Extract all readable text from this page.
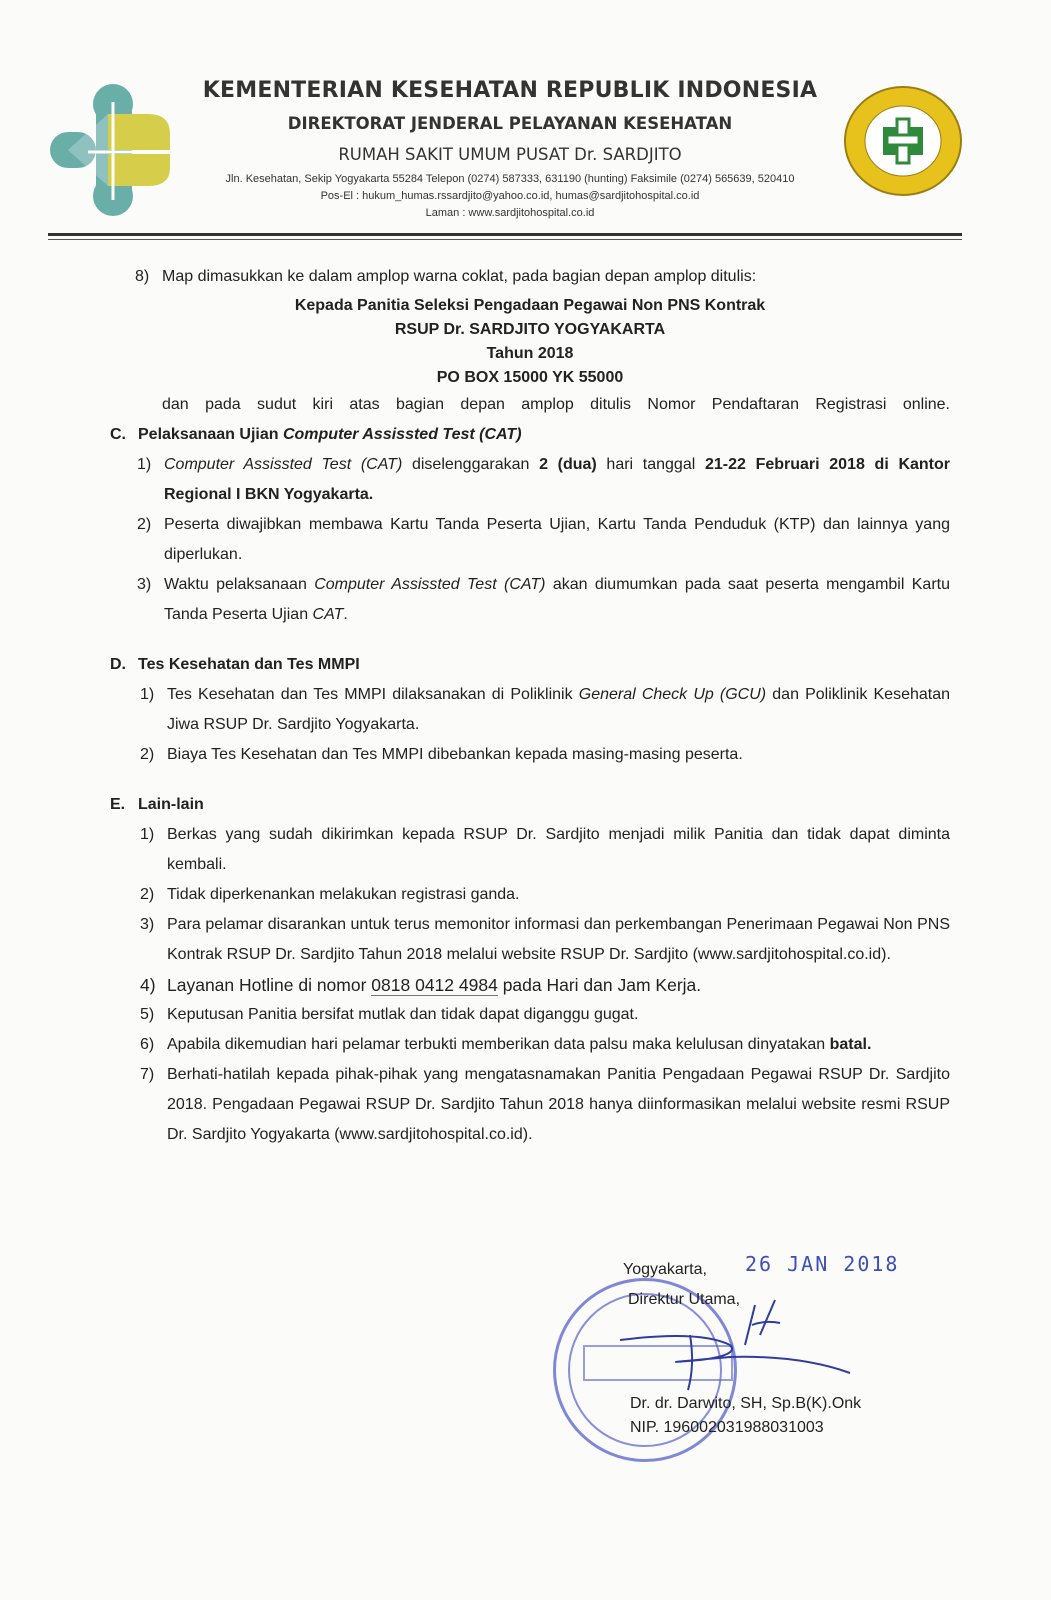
KEMENTERIAN KESEHATAN REPUBLIK INDONESIA
DIREKTORAT JENDERAL PELAYANAN KESEHATAN
RUMAH SAKIT UMUM PUSAT Dr. SARDJITO
Jln. Kesehatan, Sekip Yogyakarta 55284 Telepon (0274) 587333, 631190 (hunting) Faksimile (0274) 565639, 520410
Pos-El : hukum_humas.rssardjito@yahoo.co.id, humas@sardjitohospital.co.id
Laman : www.sardjitohospital.co.id
8) Map dimasukkan ke dalam amplop warna coklat, pada bagian depan amplop ditulis:
Kepada Panitia Seleksi Pengadaan Pegawai Non PNS Kontrak
RSUP Dr. SARDJITO YOGYAKARTA
Tahun 2018
PO BOX 15000 YK 55000
dan pada sudut kiri atas bagian depan amplop ditulis Nomor Pendaftaran Registrasi online.
C. Pelaksanaan Ujian Computer Assissted Test (CAT)
1) Computer Assissted Test (CAT) diselenggarakan 2 (dua) hari tanggal 21-22 Februari 2018 di Kantor Regional I BKN Yogyakarta.
2) Peserta diwajibkan membawa Kartu Tanda Peserta Ujian, Kartu Tanda Penduduk (KTP) dan lainnya yang diperlukan.
3) Waktu pelaksanaan Computer Assissted Test (CAT) akan diumumkan pada saat peserta mengambil Kartu Tanda Peserta Ujian CAT.
D. Tes Kesehatan dan Tes MMPI
1) Tes Kesehatan dan Tes MMPI dilaksanakan di Poliklinik General Check Up (GCU) dan Poliklinik Kesehatan Jiwa RSUP Dr. Sardjito Yogyakarta.
2) Biaya Tes Kesehatan dan Tes MMPI dibebankan kepada masing-masing peserta.
E. Lain-lain
1) Berkas yang sudah dikirimkan kepada RSUP Dr. Sardjito menjadi milik Panitia dan tidak dapat diminta kembali.
2) Tidak diperkenankan melakukan registrasi ganda.
3) Para pelamar disarankan untuk terus memonitor informasi dan perkembangan Penerimaan Pegawai Non PNS Kontrak RSUP Dr. Sardjito Tahun 2018 melalui website RSUP Dr. Sardjito (www.sardjitohospital.co.id).
4) Layanan Hotline di nomor 0818 0412 4984 pada Hari dan Jam Kerja.
5) Keputusan Panitia bersifat mutlak dan tidak dapat diganggu gugat.
6) Apabila dikemudian hari pelamar terbukti memberikan data palsu maka kelulusan dinyatakan batal.
7) Berhati-hatilah kepada pihak-pihak yang mengatasnamakan Panitia Pengadaan Pegawai RSUP Dr. Sardjito 2018. Pengadaan Pegawai RSUP Dr. Sardjito Tahun 2018 hanya diinformasikan melalui website resmi RSUP Dr. Sardjito Yogyakarta (www.sardjitohospital.co.id).
Yogyakarta, 26 JAN 2018
Direktur Utama,
Dr. dr. Darwito, SH, Sp.B(K).Onk
NIP. 196002031988031003
